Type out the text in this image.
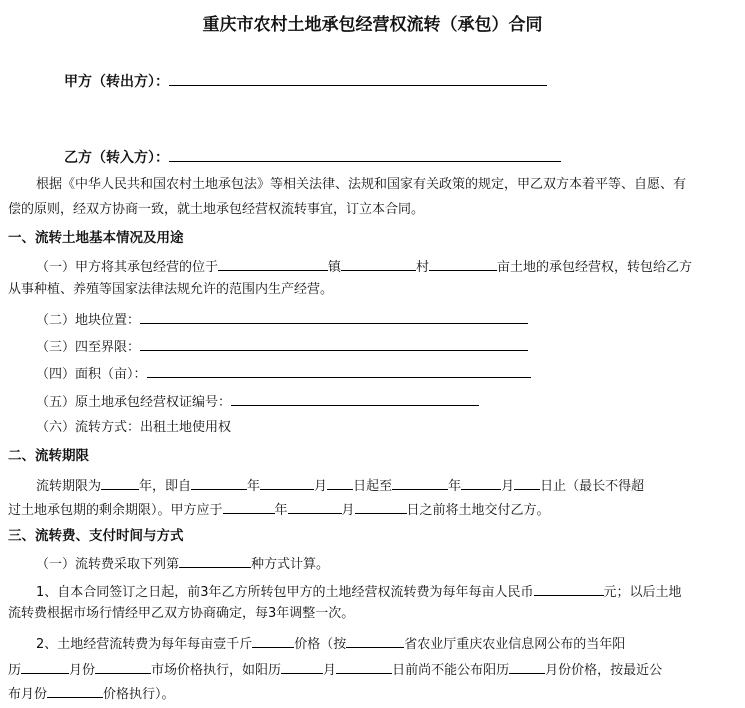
重庆市农村土地承包经营权流转（承包）合同
甲方（转出方）：
乙方（转入方）：
根据《中华人民共和国农村土地承包法》等相关法律、法规和国家有关政策的规定，甲乙双方本着平等、自愿、有
偿的原则，经双方协商一致，就土地承包经营权流转事宜，订立本合同。
一、流转土地基本情况及用途
（一）甲方将其承包经营的位于	镇	村	亩土地的承包经营权，转包给乙方
从事种植、养殖等国家法律法规允许的范围内生产经营。
（二）地块位置：
（三）四至界限：
（四）面积（亩）：
（五）原土地承包经营权证编号：
（六）流转方式：出租土地使用权
二、流转期限
流转期限为	年，即自	年	月 日起至	年	月 日止（最长不得超
过土地承包期的剩余期限）。甲方应于	年	月	日之前将土地交付乙方。
三、流转费、支付时间与方式
（一）流转费采取下列第	种方式计算。
1、自本合同签订之日起，前3年乙方所转包甲方的土地经营权流转费为每年每亩人民币	元；以后土地
流转费根据市场行情经甲乙双方协商确定，每3年调整一次。
2、土地经营流转费为每年每亩壹千斤	价格（按	省农业厅重庆农业信息网公布的当年阳
历	月份	市场价格执行，如阳历	月	日前尚不能公布阳历	月份价格，按最近公
布月份	价格执行）。
